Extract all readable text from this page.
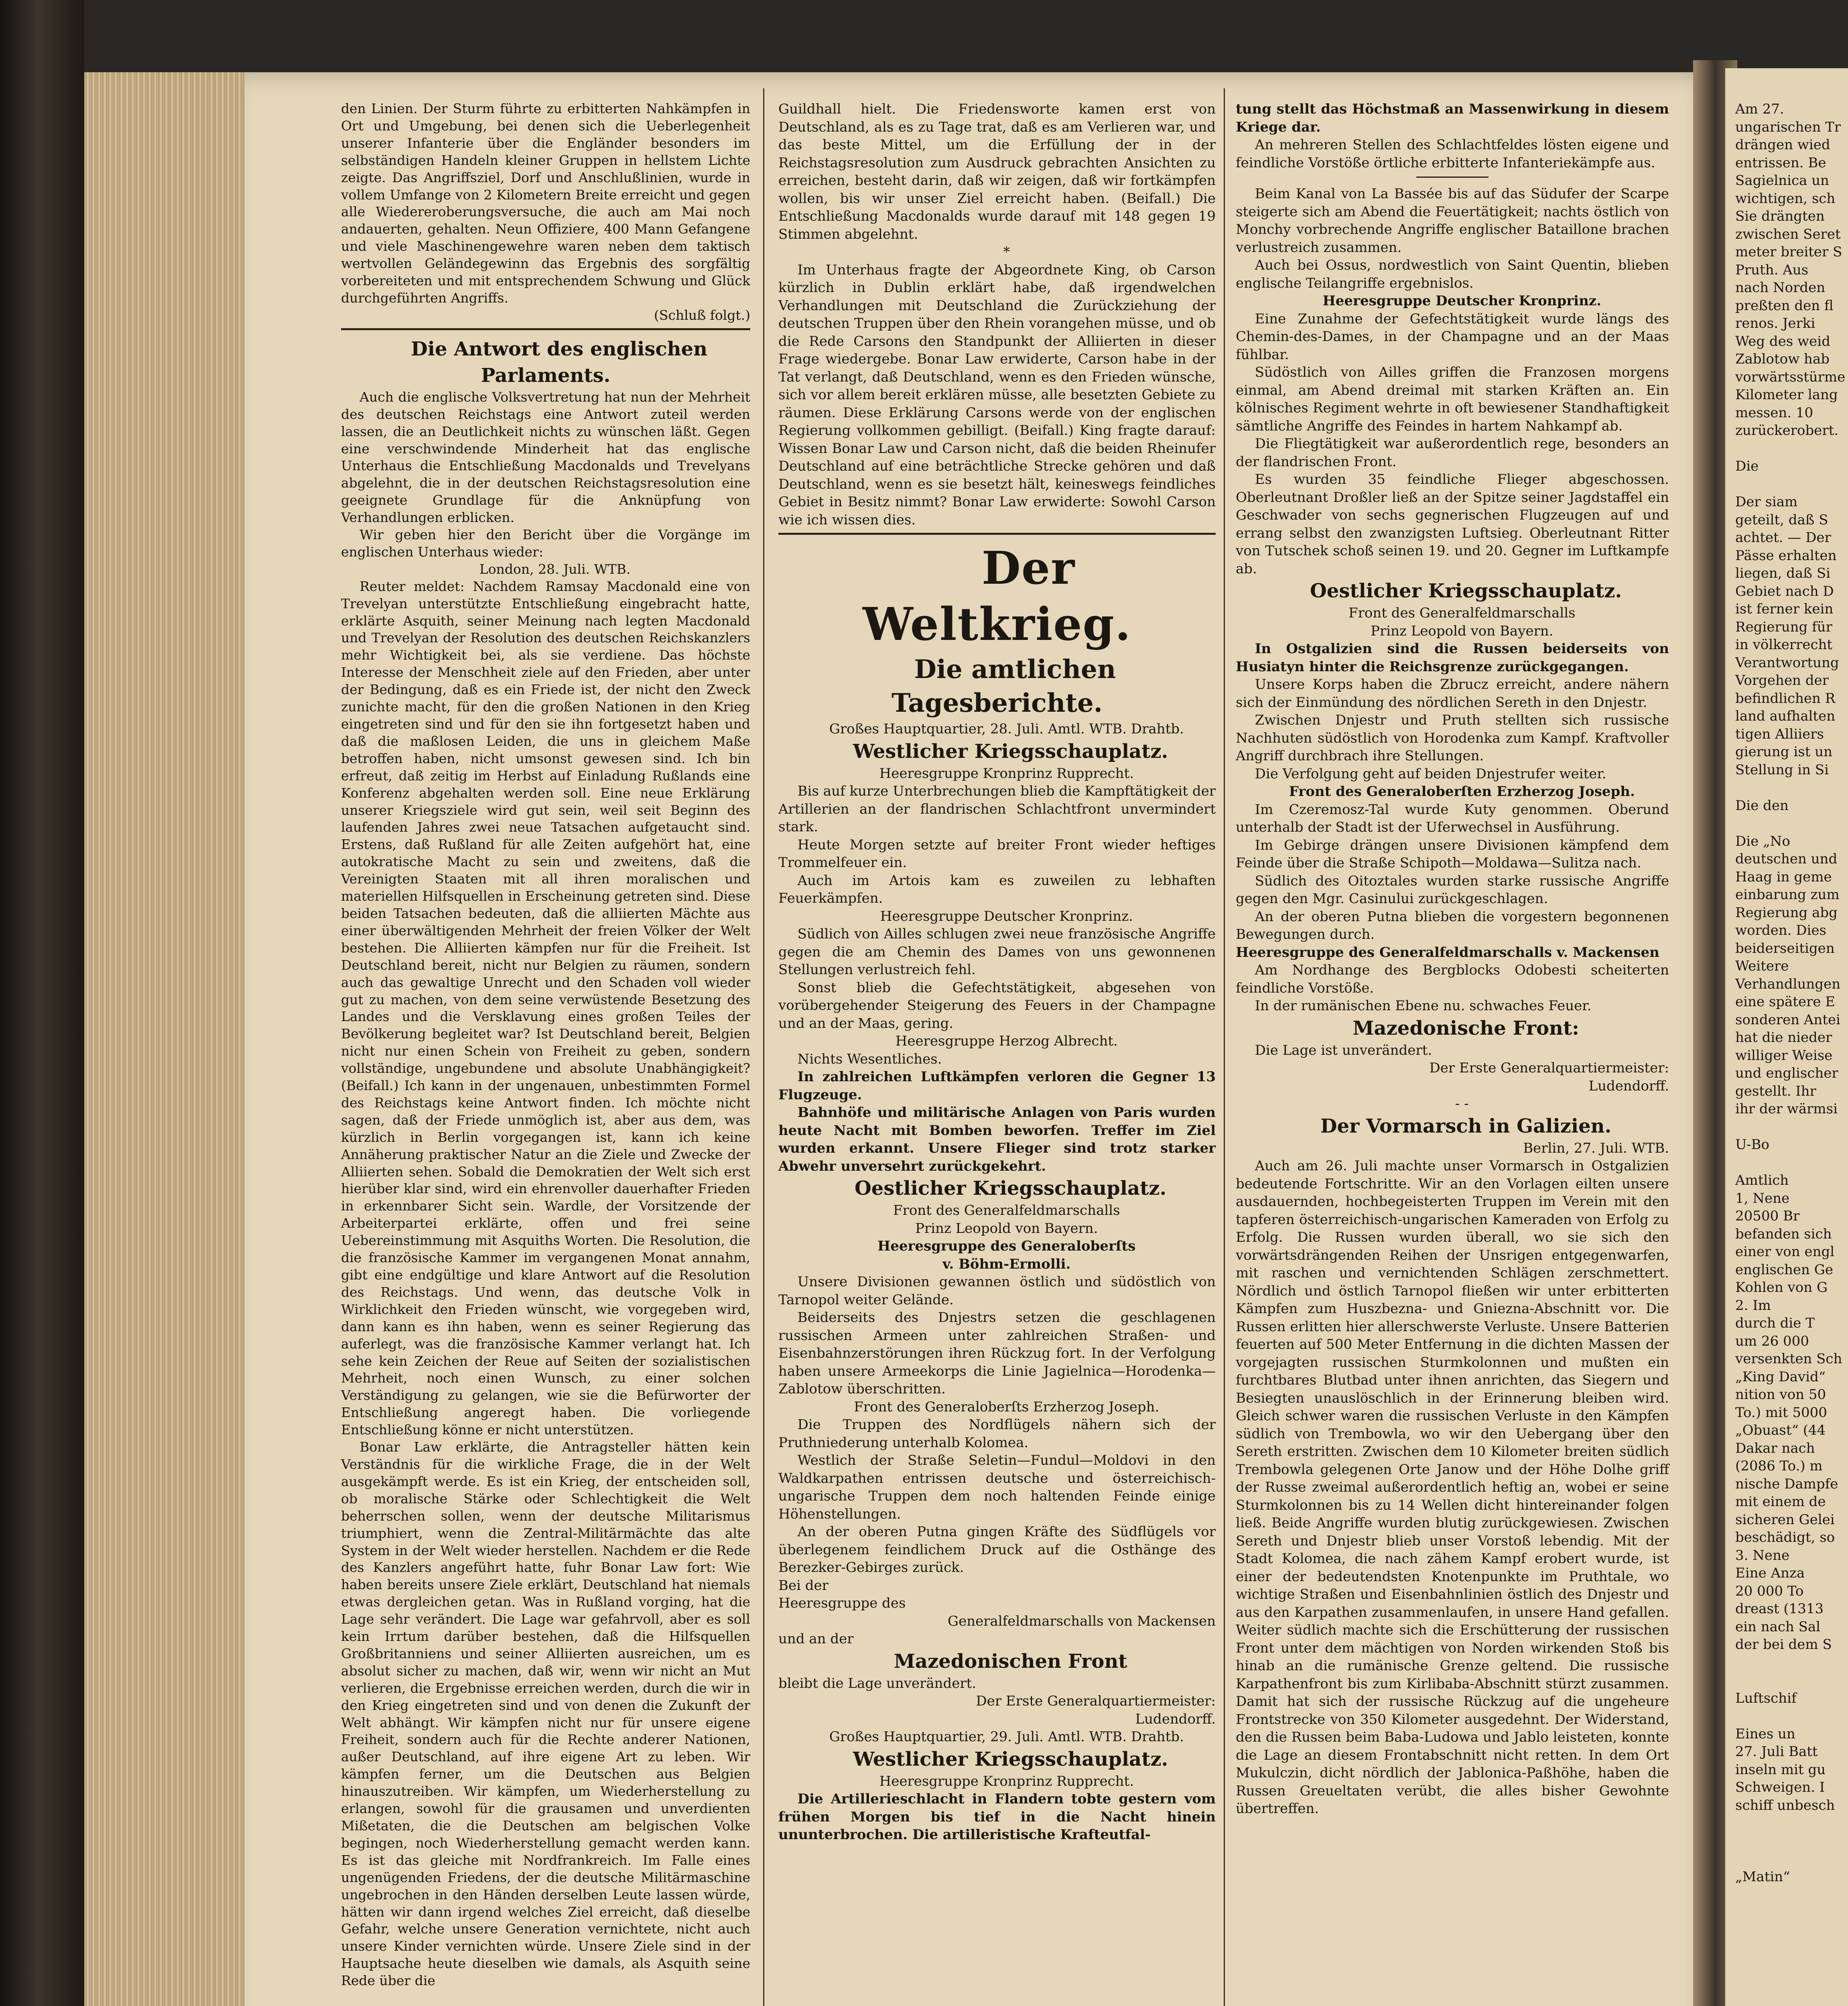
den Linien. Der Sturm führte zu erbitterten Nahkämpfen in Ort und Umgebung, bei denen sich die Ueberlegenheit unserer Infanterie über die Engländer besonders im selbständigen Handeln kleiner Gruppen in hellstem Lichte zeigte. Das Angriffsziel, Dorf und Anschlußlinien, wurde in vollem Umfange von 2 Kilometern Breite erreicht und gegen alle Wiedereroberungsversuche, die auch am Mai noch andauerten, gehalten. Neun Offiziere, 400 Mann Gefangene und viele Maschinengewehre waren neben dem taktisch wertvollen Geländegewinn das Ergebnis des sorgfältig vorbereiteten und mit entsprechendem Schwung und Glück durchgeführten Angriffs.

(Schluß folgt.)

Die Antwort des englischen Parlaments.

Auch die englische Volksvertretung hat nun der Mehrheit des deutschen Reichstags eine Antwort zuteil werden lassen, die an Deutlichkeit nichts zu wünschen läßt. Gegen eine verschwindende Minderheit hat das englische Unterhaus die Entschließung Macdonalds und Trevelyans abgelehnt, die in der deutschen Reichstagsresolution eine geeignete Grundlage für die Anknüpfung von Verhandlungen erblicken.

Wir geben hier den Bericht über die Vorgänge im englischen Unterhaus wieder:

London, 28. Juli. WTB.

Reuter meldet: Nachdem Ramsay Macdonald eine von Trevelyan unterstützte Entschließung eingebracht hatte, erklärte Asquith, seiner Meinung nach legten Macdonald und Trevelyan der Resolution des deutschen Reichskanzlers mehr Wichtigkeit bei, als sie verdiene. Das höchste Interesse der Menschheit ziele auf den Frieden, aber unter der Bedingung, daß es ein Friede ist, der nicht den Zweck zunichte macht, für den die großen Nationen in den Krieg eingetreten sind und für den sie ihn fortgesetzt haben und daß die maßlosen Leiden, die uns in gleichem Maße betroffen haben, nicht umsonst gewesen sind. Ich bin erfreut, daß zeitig im Herbst auf Einladung Rußlands eine Konferenz abgehalten werden soll. Eine neue Erklärung unserer Kriegsziele wird gut sein, weil seit Beginn des laufenden Jahres zwei neue Tatsachen aufgetaucht sind. Erstens, daß Rußland für alle Zeiten aufgehört hat, eine autokratische Macht zu sein und zweitens, daß die Vereinigten Staaten mit all ihren moralischen und materiellen Hilfsquellen in Erscheinung getreten sind. Diese beiden Tatsachen bedeuten, daß die alliierten Mächte aus einer überwältigenden Mehrheit der freien Völker der Welt bestehen. Die Alliierten kämpfen nur für die Freiheit. Ist Deutschland bereit, nicht nur Belgien zu räumen, sondern auch das gewaltige Unrecht und den Schaden voll wieder gut zu machen, von dem seine verwüstende Besetzung des Landes und die Versklavung eines großen Teiles der Bevölkerung begleitet war? Ist Deutschland bereit, Belgien nicht nur einen Schein von Freiheit zu geben, sondern vollständige, ungebundene und absolute Unabhängigkeit? (Beifall.) Ich kann in der ungenauen, unbestimmten Formel des Reichstags keine Antwort finden. Ich möchte nicht sagen, daß der Friede unmöglich ist, aber aus dem, was kürzlich in Berlin vorgegangen ist, kann ich keine Annäherung praktischer Natur an die Ziele und Zwecke der Alliierten sehen. Sobald die Demokratien der Welt sich erst hierüber klar sind, wird ein ehrenvoller dauerhafter Frieden in erkennbarer Sicht sein. Wardle, der Vorsitzende der Arbeiterpartei erklärte, offen und frei seine Uebereinstimmung mit Asquiths Worten. Die Resolution, die die französische Kammer im vergangenen Monat annahm, gibt eine endgültige und klare Antwort auf die Resolution des Reichstags. Und wenn, das deutsche Volk in Wirklichkeit den Frieden wünscht, wie vorgegeben wird, dann kann es ihn haben, wenn es seiner Regierung das auferlegt, was die französische Kammer verlangt hat. Ich sehe kein Zeichen der Reue auf Seiten der sozialistischen Mehrheit, noch einen Wunsch, zu einer solchen Verständigung zu gelangen, wie sie die Befürworter der Entschließung angeregt haben. Die vorliegende Entschließung könne er nicht unterstützen.

Bonar Law erklärte, die Antragsteller hätten kein Verständnis für die wirkliche Frage, die in der Welt ausgekämpft werde. Es ist ein Krieg, der entscheiden soll, ob moralische Stärke oder Schlechtigkeit die Welt beherrschen sollen, wenn der deutsche Militarismus triumphiert, wenn die Zentral-Militärmächte das alte System in der Welt wieder herstellen. Nachdem er die Rede des Kanzlers angeführt hatte, fuhr Bonar Law fort: Wie haben bereits unsere Ziele erklärt, Deutschland hat niemals etwas dergleichen getan. Was in Rußland vorging, hat die Lage sehr verändert. Die Lage war gefahrvoll, aber es soll kein Irrtum darüber bestehen, daß die Hilfsquellen Großbritanniens und seiner Alliierten ausreichen, um es absolut sicher zu machen, daß wir, wenn wir nicht an Mut verlieren, die Ergebnisse erreichen werden, durch die wir in den Krieg eingetreten sind und von denen die Zukunft der Welt abhängt. Wir kämpfen nicht nur für unsere eigene Freiheit, sondern auch für die Rechte anderer Nationen, außer Deutschland, auf ihre eigene Art zu leben. Wir kämpfen ferner, um die Deutschen aus Belgien hinauszutreiben. Wir kämpfen, um Wiederherstellung zu erlangen, sowohl für die grausamen und unverdienten Mißetaten, die die Deutschen am belgischen Volke begingen, noch Wiederherstellung gemacht werden kann. Es ist das gleiche mit Nordfrankreich. Im Falle eines ungenügenden Friedens, der die deutsche Militärmaschine ungebrochen in den Händen derselben Leute lassen würde, hätten wir dann irgend welches Ziel erreicht, daß dieselbe Gefahr, welche unsere Generation vernichtete, nicht auch unsere Kinder vernichten würde. Unsere Ziele sind in der Hauptsache heute dieselben wie damals, als Asquith seine Rede über die

Guildhall hielt. Die Friedensworte kamen erst von Deutschland, als es zu Tage trat, daß es am Verlieren war, und das beste Mittel, um die Erfüllung der in der Reichstagsresolution zum Ausdruck gebrachten Ansichten zu erreichen, besteht darin, daß wir zeigen, daß wir fortkämpfen wollen, bis wir unser Ziel erreicht haben. (Beifall.) Die Entschließung Macdonalds wurde darauf mit 148 gegen 19 Stimmen abgelehnt.

*

Im Unterhaus fragte der Abgeordnete King, ob Carson kürzlich in Dublin erklärt habe, daß irgendwelchen Verhandlungen mit Deutschland die Zurückziehung der deutschen Truppen über den Rhein vorangehen müsse, und ob die Rede Carsons den Standpunkt der Alliierten in dieser Frage wiedergebe. Bonar Law erwiderte, Carson habe in der Tat verlangt, daß Deutschland, wenn es den Frieden wünsche, sich vor allem bereit erklären müsse, alle besetzten Gebiete zu räumen. Diese Erklärung Carsons werde von der englischen Regierung vollkommen gebilligt. (Beifall.) King fragte darauf: Wissen Bonar Law und Carson nicht, daß die beiden Rheinufer Deutschland auf eine beträchtliche Strecke gehören und daß Deutschland, wenn es sie besetzt hält, keineswegs feindliches Gebiet in Besitz nimmt? Bonar Law erwiderte: Sowohl Carson wie ich wissen dies.

Der Weltkrieg.

Die amtlichen Tagesberichte.

Großes Hauptquartier, 28. Juli. Amtl. WTB. Drahtb.

Westlicher Kriegsschauplatz.

Heeresgruppe Kronprinz Rupprecht.

Bis auf kurze Unterbrechungen blieb die Kampftätigkeit der Artillerien an der flandrischen Schlachtfront unvermindert stark.

Heute Morgen setzte auf breiter Front wieder heftiges Trommelfeuer ein.

Auch im Artois kam es zuweilen zu lebhaften Feuerkämpfen.

Heeresgruppe Deutscher Kronprinz.

Südlich von Ailles schlugen zwei neue französische Angriffe gegen die am Chemin des Dames von uns gewonnenen Stellungen verlustreich fehl.

Sonst blieb die Gefechtstätigkeit, abgesehen von vorübergehender Steigerung des Feuers in der Champagne und an der Maas, gering.

Heeresgruppe Herzog Albrecht.

Nichts Wesentliches.

In zahlreichen Luftkämpfen verloren die Gegner 13 Flugzeuge.

Bahnhöfe und militärische Anlagen von Paris wurden heute Nacht mit Bomben beworfen. Treffer im Ziel wurden erkannt. Unsere Flieger sind trotz starker Abwehr unversehrt zurückgekehrt.

Oestlicher Kriegsschauplatz.

Front des Generalfeldmarschalls

Prinz Leopold von Bayern.

Heeresgruppe des Generaloberſts

v. Böhm-Ermolli.

Unsere Divisionen gewannen östlich und südöstlich von Tarnopol weiter Gelände.

Beiderseits des Dnjestrs setzen die geschlagenen russischen Armeen unter zahlreichen Straßen- und Eisenbahnzerstörungen ihren Rückzug fort. In der Verfolgung haben unsere Armeekorps die Linie Jagielnica—Horodenka—Zablotow überschritten.

Front des Generaloberſts Erzherzog Joseph.

Die Truppen des Nordflügels nähern sich der Pruthniederung unterhalb Kolomea.

Westlich der Straße Seletin—Fundul—Moldovi in den Waldkarpathen entrissen deutsche und österreichisch-ungarische Truppen dem noch haltenden Feinde einige Höhenstellungen.

An der oberen Putna gingen Kräfte des Südflügels vor überlegenem feindlichem Druck auf die Osthänge des Berezker-Gebirges zurück.

Bei der

Heeresgruppe des

Generalfeldmarschalls von Mackensen

und an der

Mazedonischen Front

bleibt die Lage unverändert.

Der Erste Generalquartiermeister:

Ludendorff.

Großes Hauptquartier, 29. Juli. Amtl. WTB. Drahtb.

Westlicher Kriegsschauplatz.

Heeresgruppe Kronprinz Rupprecht.

Die Artillerieschlacht in Flandern tobte gestern vom frühen Morgen bis tief in die Nacht hinein ununterbrochen. Die artilleristische Krafteutfal-

tung stellt das Höchstmaß an Massenwirkung in diesem Kriege dar.

An mehreren Stellen des Schlachtfeldes lösten eigene und feindliche Vorstöße örtliche erbitterte Infanteriekämpfe aus.

Beim Kanal von La Bassée bis auf das Südufer der Scarpe steigerte sich am Abend die Feuertätigkeit; nachts östlich von Monchy vorbrechende Angriffe englischer Bataillone brachen verlustreich zusammen.

Auch bei Ossus, nordwestlich von Saint Quentin, blieben englische Teilangriffe ergebnislos.

Heeresgruppe Deutscher Kronprinz.

Eine Zunahme der Gefechtstätigkeit wurde längs des Chemin-des-Dames, in der Champagne und an der Maas fühlbar.

Südöstlich von Ailles griffen die Franzosen morgens einmal, am Abend dreimal mit starken Kräften an. Ein kölnisches Regiment wehrte in oft bewiesener Standhaftigkeit sämtliche Angriffe des Feindes in hartem Nahkampf ab.

Die Fliegtätigkeit war außerordentlich rege, besonders an der flandrischen Front.

Es wurden 35 feindliche Flieger abgeschossen. Oberleutnant Droßler ließ an der Spitze seiner Jagdstaffel ein Geschwader von sechs gegnerischen Flugzeugen auf und errang selbst den zwanzigsten Luftsieg. Oberleutnant Ritter von Tutschek schoß seinen 19. und 20. Gegner im Luftkampfe ab.

Oestlicher Kriegsschauplatz.

Front des Generalfeldmarschalls

Prinz Leopold von Bayern.

In Ostgalizien sind die Russen beiderseits von Husiatyn hinter die Reichsgrenze zurückgegangen.

Unsere Korps haben die Zbrucz erreicht, andere nähern sich der Einmündung des nördlichen Sereth in den Dnjestr.

Zwischen Dnjestr und Pruth stellten sich russische Nachhuten südöstlich von Horodenka zum Kampf. Kraftvoller Angriff durchbrach ihre Stellungen.

Die Verfolgung geht auf beiden Dnjestrufer weiter.

Front des Generaloberſten Erzherzog Joseph.

Im Czeremosz-Tal wurde Kuty genommen. Oberund unterhalb der Stadt ist der Uferwechsel in Ausführung.

Im Gebirge drängen unsere Divisionen kämpfend dem Feinde über die Straße Schipoth—Moldawa—Sulitza nach.

Südlich des Oitoztales wurden starke russische Angriffe gegen den Mgr. Casinului zurückgeschlagen.

An der oberen Putna blieben die vorgestern begonnenen Bewegungen durch.

Heeresgruppe des Generalfeldmarschalls v. Mackensen

Am Nordhange des Bergblocks Odobesti scheiterten feindliche Vorstöße.

In der rumänischen Ebene nu. schwaches Feuer.

Mazedonische Front:

Die Lage ist unverändert.

Der Erste Generalquartiermeister:

Ludendorff.

- -

Der Vormarsch in Galizien.

Berlin, 27. Juli. WTB.

Auch am 26. Juli machte unser Vormarsch in Ostgalizien bedeutende Fortschritte. Wir an den Vorlagen eilten unsere ausdauernden, hochbegeisterten Truppen im Verein mit den tapferen österreichisch-ungarischen Kameraden von Erfolg zu Erfolg. Die Russen wurden überall, wo sie sich den vorwärtsdrängenden Reihen der Unsrigen entgegenwarfen, mit raschen und vernichtenden Schlägen zerschmettert. Nördlich und östlich Tarnopol fließen wir unter erbitterten Kämpfen zum Huszbezna- und Gniezna-Abschnitt vor. Die Russen erlitten hier allerschwerste Verluste. Unsere Batterien feuerten auf 500 Meter Entfernung in die dichten Massen der vorgejagten russischen Sturmkolonnen und mußten ein furchtbares Blutbad unter ihnen anrichten, das Siegern und Besiegten unauslöschlich in der Erinnerung bleiben wird. Gleich schwer waren die russischen Verluste in den Kämpfen südlich von Trembowla, wo wir den Uebergang über den Sereth erstritten. Zwischen dem 10 Kilometer breiten südlich Trembowla gelegenen Orte Janow und der Höhe Dolhe griff der Russe zweimal außerordentlich heftig an, wobei er seine Sturmkolonnen bis zu 14 Wellen dicht hintereinander folgen ließ. Beide Angriffe wurden blutig zurückgewiesen. Zwischen Sereth und Dnjestr blieb unser Vorstoß lebendig. Mit der Stadt Kolomea, die nach zähem Kampf erobert wurde, ist einer der bedeutendsten Knotenpunkte im Pruthtale, wo wichtige Straßen und Eisenbahnlinien östlich des Dnjestr und aus den Karpathen zusammenlaufen, in unsere Hand gefallen. Weiter südlich machte sich die Erschütterung der russischen Front unter dem mächtigen von Norden wirkenden Stoß bis hinab an die rumänische Grenze geltend. Die russische Karpathenfront bis zum Kirlibaba-Abschnitt stürzt zusammen. Damit hat sich der russische Rückzug auf die ungeheure Frontstrecke von 350 Kilometer ausgedehnt. Der Widerstand, den die Russen beim Baba-Ludowa und Jablo leisteten, konnte die Lage an diesem Frontabschnitt nicht retten. In dem Ort Mukulczin, dicht nördlich der Jablonica-Paßhöhe, haben die Russen Greueltaten verübt, die alles bisher Gewohnte übertreffen.

Am 27.
ungarischen Tr
drängen wied
entrissen. Be
Sagielnica un
wichtigen, sch
Sie drängten
zwischen Seret
meter breiter S
Pruth. Aus
nach Norden
preßten den fl
renos. Jerki
Weg des weid
Zablotow hab
vorwärtsstürme
Kilometer lang
messen. 10
zurückerobert.

Die

Der siam
geteilt, daß S
achtet. — Der
Pässe erhalten
liegen, daß Si
Gebiet nach D
ist ferner kein
Regierung für
in völkerrecht
Verantwortung
Vorgehen der
befindlichen R
land aufhalten
tigen Alliiers
gierung ist un
Stellung in Si

Die den

Die „No
deutschen und
Haag in geme
einbarung zum
Regierung abg
worden. Dies
beiderseitigen
Weitere
Verhandlungen
eine spätere E
sonderen Antei
hat die nieder
williger Weise
und englischer
gestellt. Ihr
ihr der wärmsi

U-Bo

Amtlich
1, Nene
20500 Br
befanden sich
einer von engl
englischen Ge
Kohlen von G
2. Im
durch die T
um 26 000
versenkten Sch
„King David“
nition von 50
To.) mit 5000
„Obuast“ (44
Dakar nach
(2086 To.) m
nische Dampfe
mit einem de
sicheren Gelei
beschädigt, so
3. Nene
Eine Anza
20 000 To
dreast (1313
ein nach Sal
der bei dem S

Luftschif

Eines un
27. Juli Batt
inseln mit gu
Schweigen. I
schiff unbesch

„Matin“
